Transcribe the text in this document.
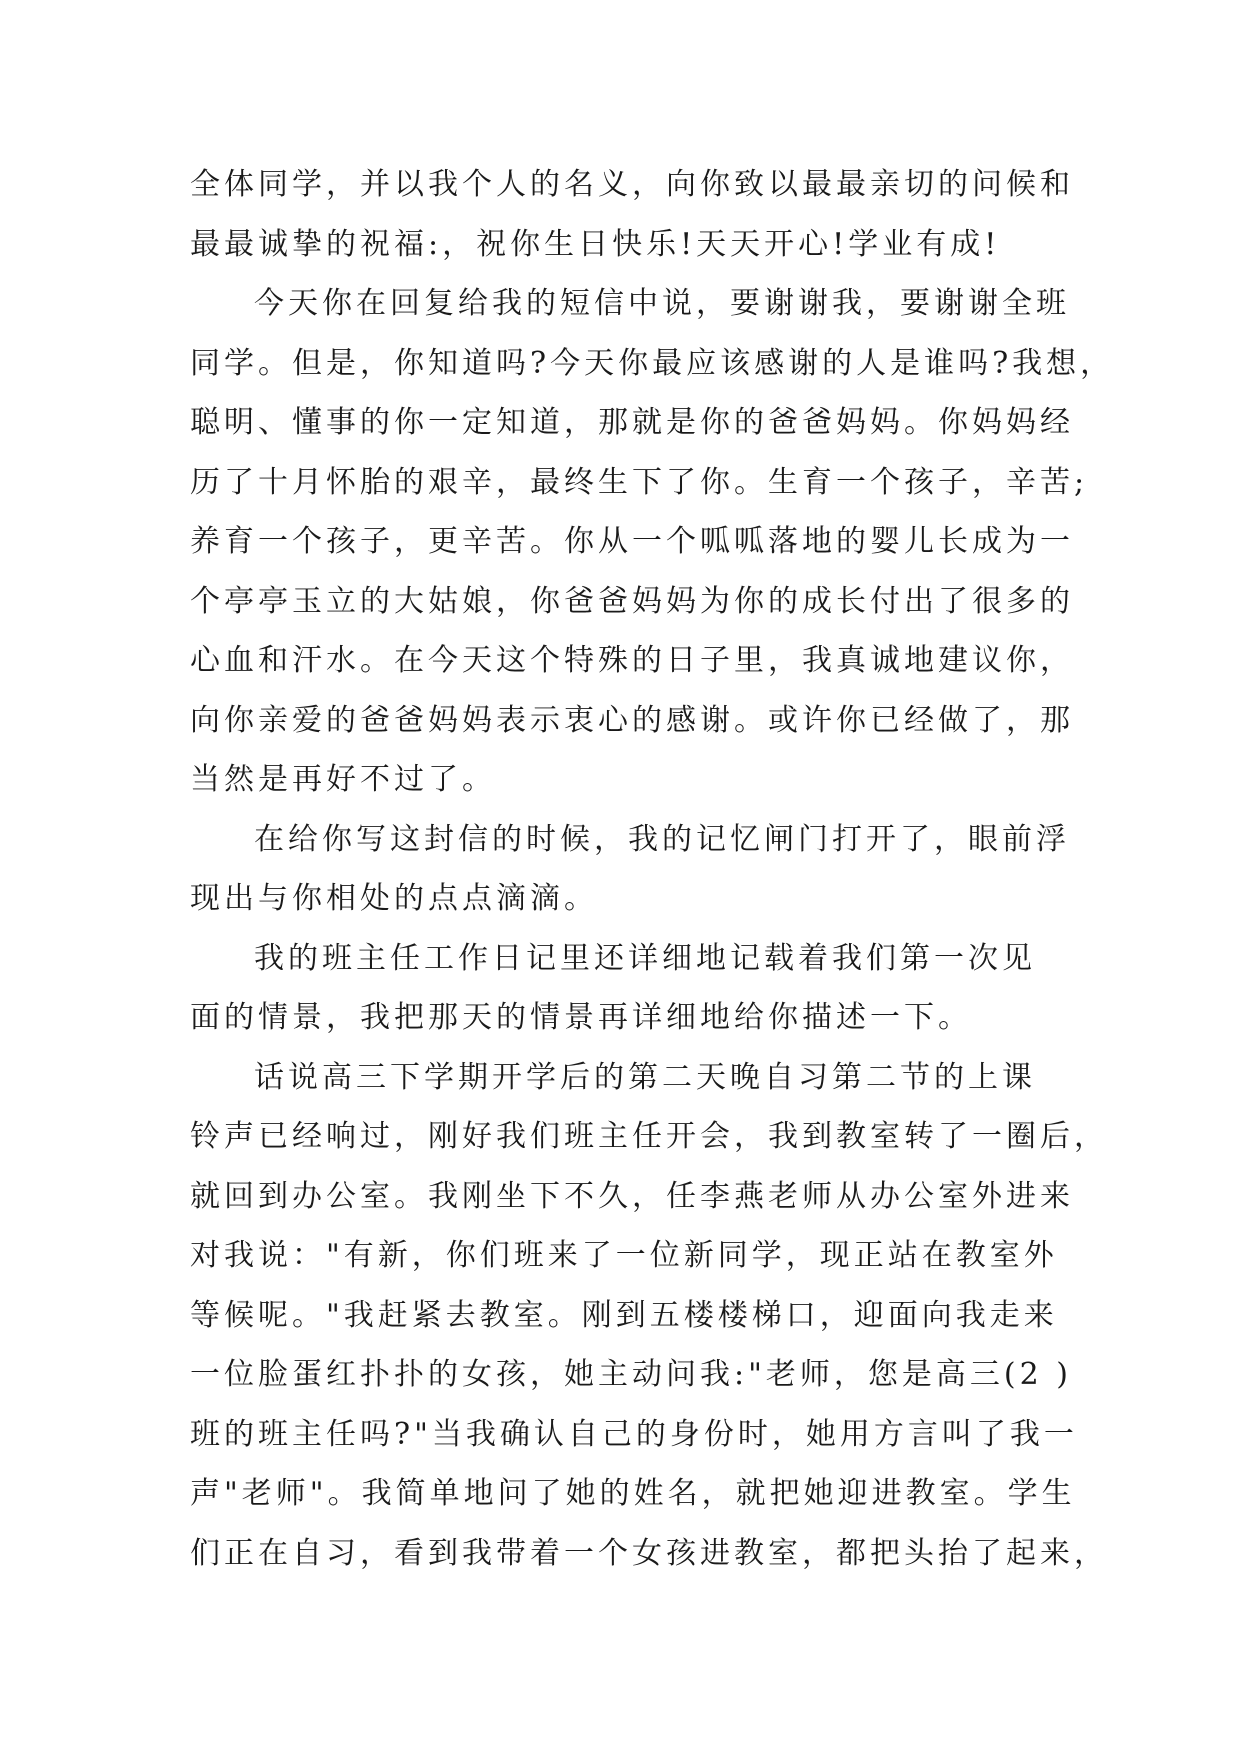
全体同学，并以我个人的名义，向你致以最最亲切的问候和
最最诚挚的祝福:，祝你生日快乐!天天开心!学业有成!
今天你在回复给我的短信中说，要谢谢我，要谢谢全班
同学。但是，你知道吗?今天你最应该感谢的人是谁吗?我想，
聪明、懂事的你一定知道，那就是你的爸爸妈妈。你妈妈经
历了十月怀胎的艰辛，最终生下了你。生育一个孩子，辛苦;
养育一个孩子，更辛苦。你从一个呱呱落地的婴儿长成为一
个亭亭玉立的大姑娘，你爸爸妈妈为你的成长付出了很多的
心血和汗水。在今天这个特殊的日子里，我真诚地建议你，
向你亲爱的爸爸妈妈表示衷心的感谢。或许你已经做了，那
当然是再好不过了。
在给你写这封信的时候，我的记忆闸门打开了，眼前浮
现出与你相处的点点滴滴。
我的班主任工作日记里还详细地记载着我们第一次见
面的情景，我把那天的情景再详细地给你描述一下。
话说高三下学期开学后的第二天晚自习第二节的上课
铃声已经响过，刚好我们班主任开会，我到教室转了一圈后，
就回到办公室。我刚坐下不久，任李燕老师从办公室外进来
对我说："有新，你们班来了一位新同学，现正站在教室外
等候呢。"我赶紧去教室。刚到五楼楼梯口，迎面向我走来
一位脸蛋红扑扑的女孩，她主动问我:"老师，您是高三(2 )
班的班主任吗?"当我确认自己的身份时，她用方言叫了我一
声"老师"。我简单地问了她的姓名，就把她迎进教室。学生
们正在自习，看到我带着一个女孩进教室，都把头抬了起来，
